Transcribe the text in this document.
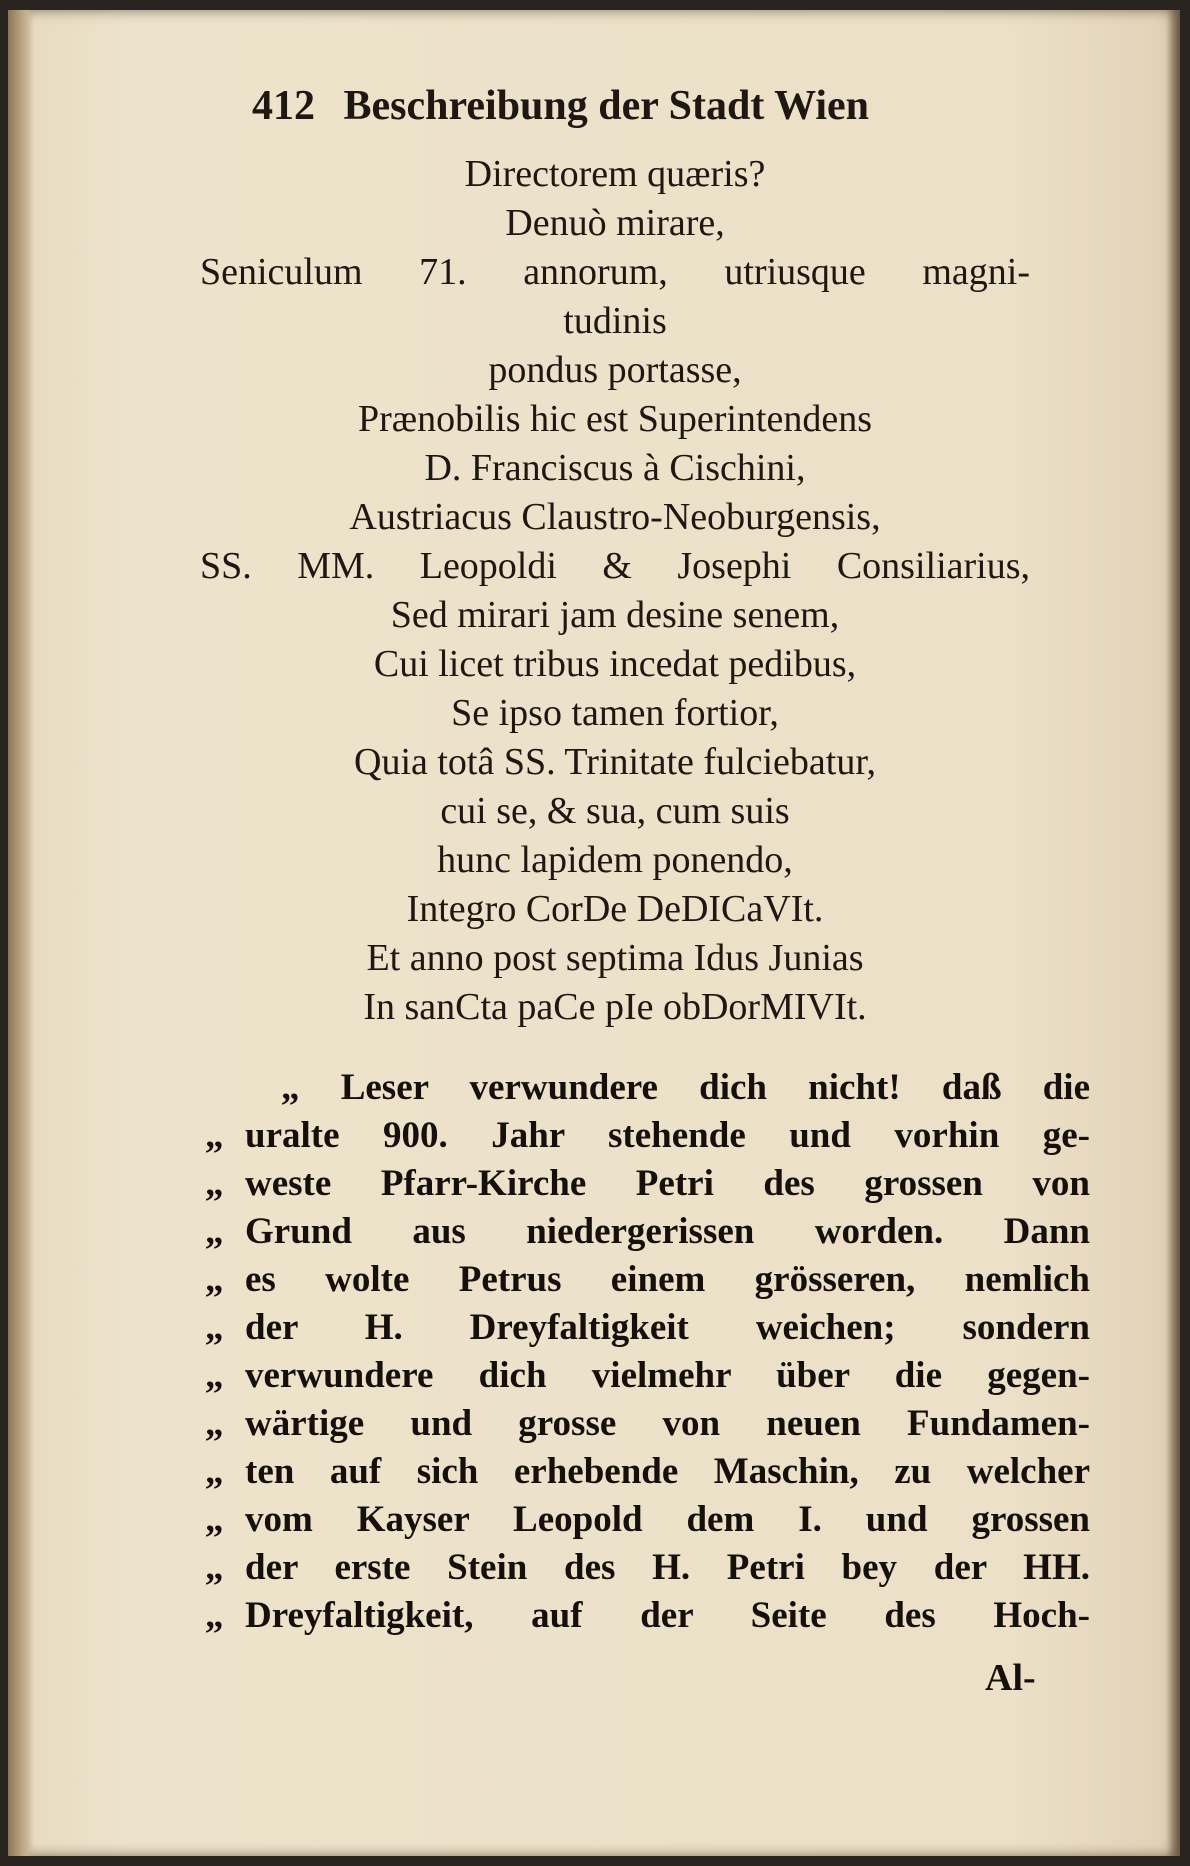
412 Beschreibung der Stadt Wien
Directorem quæris?
Denuò mirare,
Seniculum 71. annorum, utriusque magni-
tudinis
pondus portasse,
Prænobilis hic est Superintendens
D. Franciscus à Cischini,
Austriacus Claustro-Neoburgensis,
SS. MM. Leopoldi & Josephi Consiliarius,
Sed mirari jam desine senem,
Cui licet tribus incedat pedibus,
Se ipso tamen fortior,
Quia totâ SS. Trinitate fulciebatur,
cui se, & sua, cum suis
hunc lapidem ponendo,
Integro CorDe DeDICaVIt.
Et anno post septima Idus Junias
In sanCta paCe pIe obDorMIVIt.
„ Leser verwundere dich nicht! daß die
„ uralte 900. Jahr stehende und vorhin ge-
„ weste Pfarr-Kirche Petri des grossen von
„ Grund aus niedergerissen worden. Dann
„ es wolte Petrus einem grösseren, nemlich
„ der H. Dreyfaltigkeit weichen; sondern
„ verwundere dich vielmehr über die gegen-
„ wärtige und grosse von neuen Fundamen-
„ ten auf sich erhebende Maschin, zu welcher
„ vom Kayser Leopold dem I. und grossen
„ der erste Stein des H. Petri bey der HH.
„ Dreyfaltigkeit, auf der Seite des Hoch-
Al-
